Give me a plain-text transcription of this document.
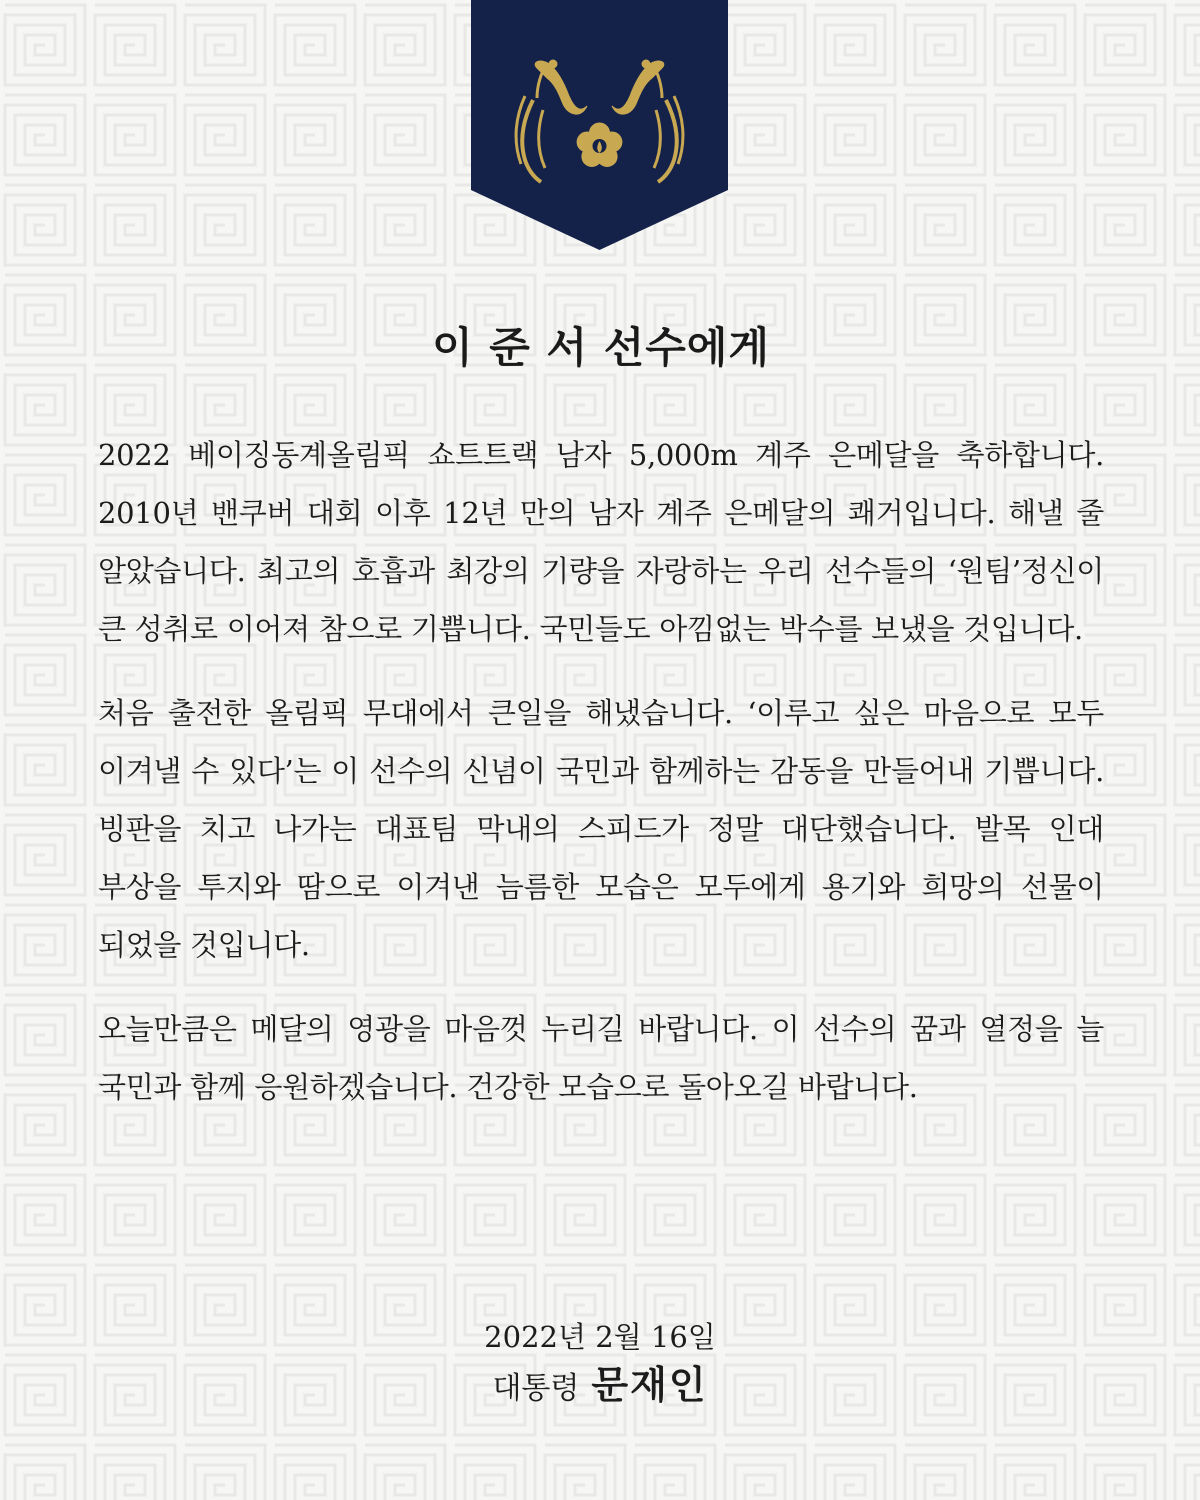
이 준 서 선수에게

2022 베이징동계올림픽 쇼트트랙 남자 5,000m 계주 은메달을 축하합니다. 2010년 밴쿠버 대회 이후 12년 만의 남자 계주 은메달의 쾌거입니다. 해낼 줄 알았습니다. 최고의 호흡과 최강의 기량을 자랑하는 우리 선수들의 ‘원팀’정신이 큰 성취로 이어져 참으로 기쁩니다. 국민들도 아낌없는 박수를 보냈을 것입니다.

처음 출전한 올림픽 무대에서 큰일을 해냈습니다. ‘이루고 싶은 마음으로 모두 이겨낼 수 있다’는 이 선수의 신념이 국민과 함께하는 감동을 만들어내 기쁩니다. 빙판을 치고 나가는 대표팀 막내의 스피드가 정말 대단했습니다. 발목 인대 부상을 투지와 땀으로 이겨낸 늠름한 모습은 모두에게 용기와 희망의 선물이 되었을 것입니다.

오늘만큼은 메달의 영광을 마음껏 누리길 바랍니다. 이 선수의 꿈과 열정을 늘 국민과 함께 응원하겠습니다. 건강한 모습으로 돌아오길 바랍니다.

2022년 2월 16일

대통령 문재인
